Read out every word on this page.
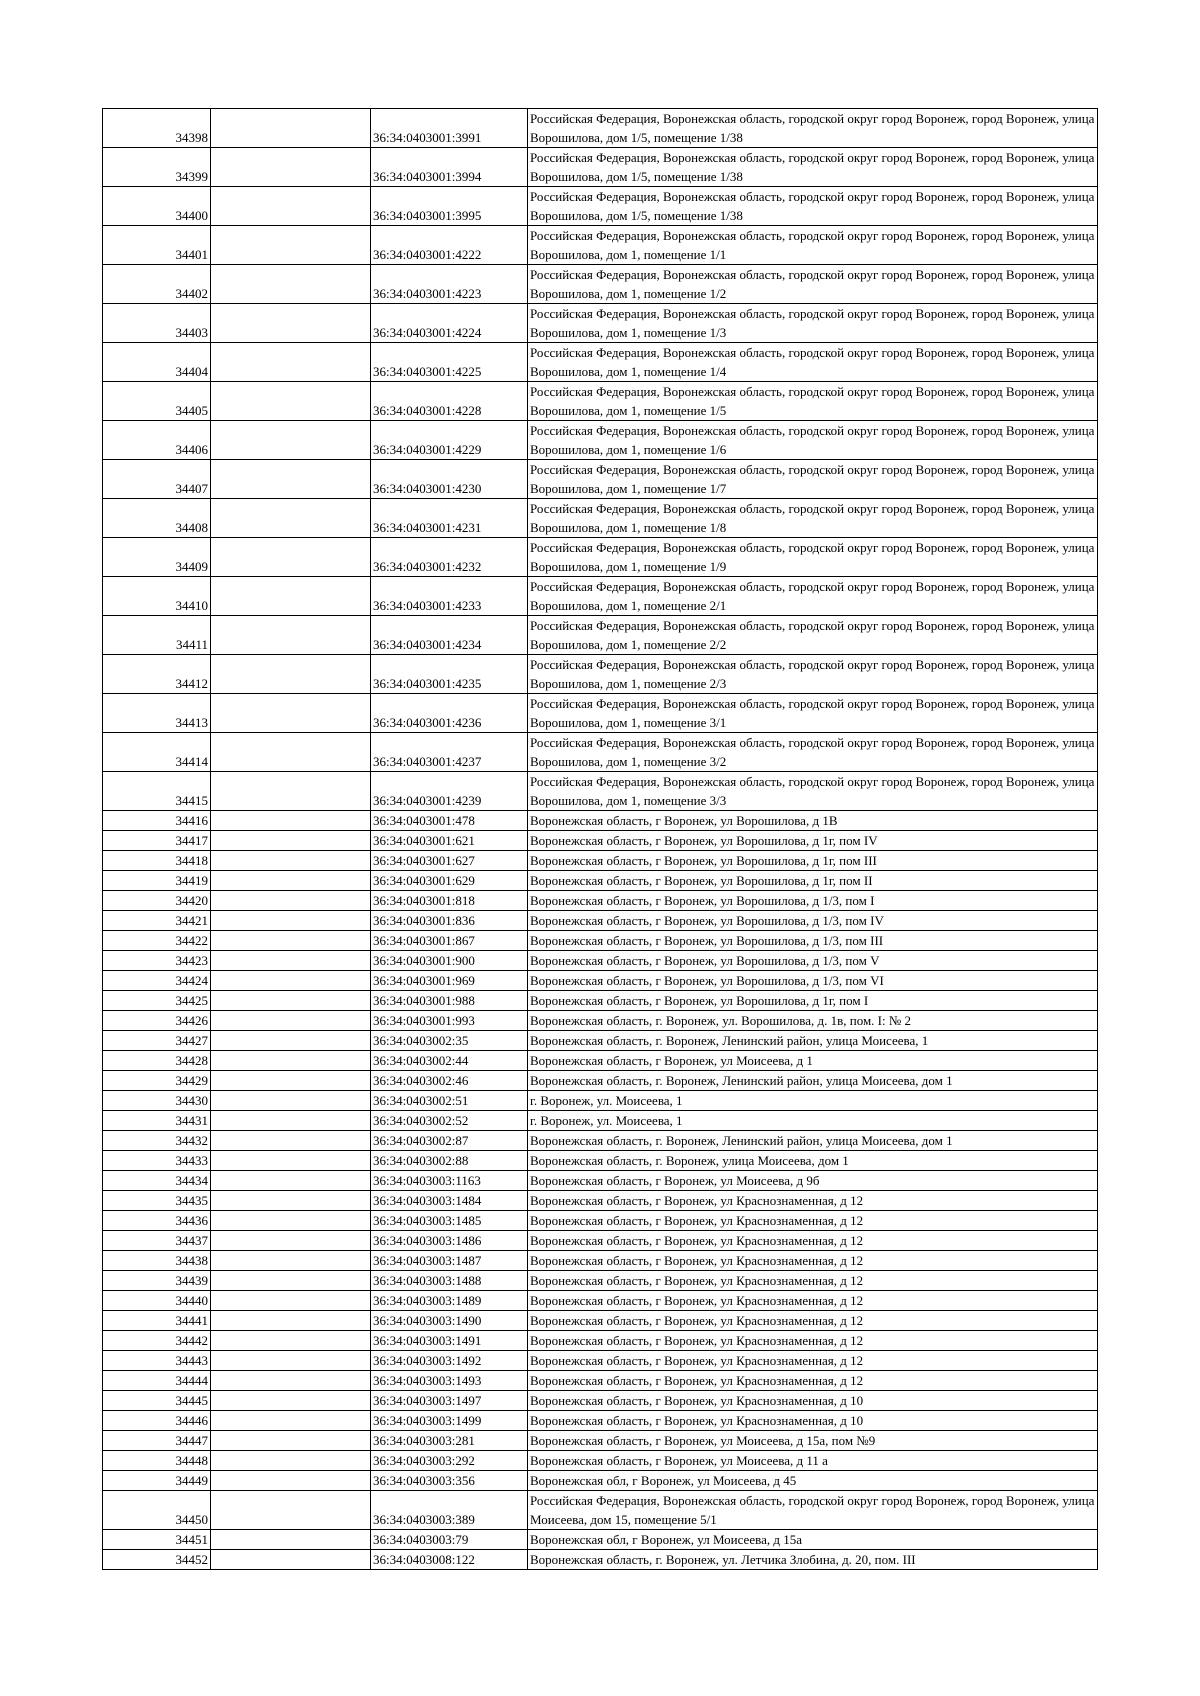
34398		36:34:0403001:3991	Российская Федерация, Воронежская область, городской округ город Воронеж, город Воронеж, улица Ворошилова, дом 1/5, помещение 1/38
34399		36:34:0403001:3994	Российская Федерация, Воронежская область, городской округ город Воронеж, город Воронеж, улица Ворошилова, дом 1/5, помещение 1/38
34400		36:34:0403001:3995	Российская Федерация, Воронежская область, городской округ город Воронеж, город Воронеж, улица Ворошилова, дом 1/5, помещение 1/38
34401		36:34:0403001:4222	Российская Федерация, Воронежская область, городской округ город Воронеж, город Воронеж, улица Ворошилова, дом 1, помещение 1/1
34402		36:34:0403001:4223	Российская Федерация, Воронежская область, городской округ город Воронеж, город Воронеж, улица Ворошилова, дом 1, помещение 1/2
34403		36:34:0403001:4224	Российская Федерация, Воронежская область, городской округ город Воронеж, город Воронеж, улица Ворошилова, дом 1, помещение 1/3
34404		36:34:0403001:4225	Российская Федерация, Воронежская область, городской округ город Воронеж, город Воронеж, улица Ворошилова, дом 1, помещение 1/4
34405		36:34:0403001:4228	Российская Федерация, Воронежская область, городской округ город Воронеж, город Воронеж, улица Ворошилова, дом 1, помещение 1/5
34406		36:34:0403001:4229	Российская Федерация, Воронежская область, городской округ город Воронеж, город Воронеж, улица Ворошилова, дом 1, помещение 1/6
34407		36:34:0403001:4230	Российская Федерация, Воронежская область, городской округ город Воронеж, город Воронеж, улица Ворошилова, дом 1, помещение 1/7
34408		36:34:0403001:4231	Российская Федерация, Воронежская область, городской округ город Воронеж, город Воронеж, улица Ворошилова, дом 1, помещение 1/8
34409		36:34:0403001:4232	Российская Федерация, Воронежская область, городской округ город Воронеж, город Воронеж, улица Ворошилова, дом 1, помещение 1/9
34410		36:34:0403001:4233	Российская Федерация, Воронежская область, городской округ город Воронеж, город Воронеж, улица Ворошилова, дом 1, помещение 2/1
34411		36:34:0403001:4234	Российская Федерация, Воронежская область, городской округ город Воронеж, город Воронеж, улица Ворошилова, дом 1, помещение 2/2
34412		36:34:0403001:4235	Российская Федерация, Воронежская область, городской округ город Воронеж, город Воронеж, улица Ворошилова, дом 1, помещение 2/3
34413		36:34:0403001:4236	Российская Федерация, Воронежская область, городской округ город Воронеж, город Воронеж, улица Ворошилова, дом 1, помещение 3/1
34414		36:34:0403001:4237	Российская Федерация, Воронежская область, городской округ город Воронеж, город Воронеж, улица Ворошилова, дом 1, помещение 3/2
34415		36:34:0403001:4239	Российская Федерация, Воронежская область, городской округ город Воронеж, город Воронеж, улица Ворошилова, дом 1, помещение 3/3
34416		36:34:0403001:478	Воронежская область, г Воронеж, ул Ворошилова, д 1В
34417		36:34:0403001:621	Воронежская область, г Воронеж, ул Ворошилова, д 1г, пом IV
34418		36:34:0403001:627	Воронежская область, г Воронеж, ул Ворошилова, д 1г, пом III
34419		36:34:0403001:629	Воронежская область, г Воронеж, ул Ворошилова, д 1г, пом II
34420		36:34:0403001:818	Воронежская область, г Воронеж, ул Ворошилова, д 1/3, пом I
34421		36:34:0403001:836	Воронежская область, г Воронеж, ул Ворошилова, д 1/3, пом IV
34422		36:34:0403001:867	Воронежская область, г Воронеж, ул Ворошилова, д 1/3, пом III
34423		36:34:0403001:900	Воронежская область, г Воронеж, ул Ворошилова, д 1/3, пом V
34424		36:34:0403001:969	Воронежская область, г Воронеж, ул Ворошилова, д 1/3, пом VI
34425		36:34:0403001:988	Воронежская область, г Воронеж, ул Ворошилова, д 1г, пом I
34426		36:34:0403001:993	Воронежская область, г. Воронеж, ул. Ворошилова, д. 1в, пом. I: № 2
34427		36:34:0403002:35	Воронежская область, г. Воронеж, Ленинский район, улица Моисеева, 1
34428		36:34:0403002:44	Воронежская область, г Воронеж, ул Моисеева, д 1
34429		36:34:0403002:46	Воронежская область, г. Воронеж, Ленинский район, улица Моисеева, дом 1
34430		36:34:0403002:51	г. Воронеж, ул. Моисеева, 1
34431		36:34:0403002:52	г. Воронеж, ул. Моисеева, 1
34432		36:34:0403002:87	Воронежская область, г. Воронеж, Ленинский район, улица Моисеева, дом 1
34433		36:34:0403002:88	Воронежская область, г. Воронеж, улица Моисеева, дом 1
34434		36:34:0403003:1163	Воронежская область, г Воронеж, ул Моисеева, д 9б
34435		36:34:0403003:1484	Воронежская область, г Воронеж, ул Краснознаменная, д 12
34436		36:34:0403003:1485	Воронежская область, г Воронеж, ул Краснознаменная, д 12
34437		36:34:0403003:1486	Воронежская область, г Воронеж, ул Краснознаменная, д 12
34438		36:34:0403003:1487	Воронежская область, г Воронеж, ул Краснознаменная, д 12
34439		36:34:0403003:1488	Воронежская область, г Воронеж, ул Краснознаменная, д 12
34440		36:34:0403003:1489	Воронежская область, г Воронеж, ул Краснознаменная, д 12
34441		36:34:0403003:1490	Воронежская область, г Воронеж, ул Краснознаменная, д 12
34442		36:34:0403003:1491	Воронежская область, г Воронеж, ул Краснознаменная, д 12
34443		36:34:0403003:1492	Воронежская область, г Воронеж, ул Краснознаменная, д 12
34444		36:34:0403003:1493	Воронежская область, г Воронеж, ул Краснознаменная, д 12
34445		36:34:0403003:1497	Воронежская область, г Воронеж, ул Краснознаменная, д 10
34446		36:34:0403003:1499	Воронежская область, г Воронеж, ул Краснознаменная, д 10
34447		36:34:0403003:281	Воронежская область, г Воронеж, ул Моисеева, д 15а, пом №9
34448		36:34:0403003:292	Воронежская область, г Воронеж, ул Моисеева, д 11 а
34449		36:34:0403003:356	Воронежская обл, г Воронеж, ул Моисеева, д 45
34450		36:34:0403003:389	Российская Федерация, Воронежская область, городской округ город Воронеж, город Воронеж, улица Моисеева, дом 15, помещение 5/1
34451		36:34:0403003:79	Воронежская обл, г Воронеж, ул Моисеева, д 15а
34452		36:34:0403008:122	Воронежская область, г. Воронеж, ул. Летчика Злобина, д. 20, пом. III
